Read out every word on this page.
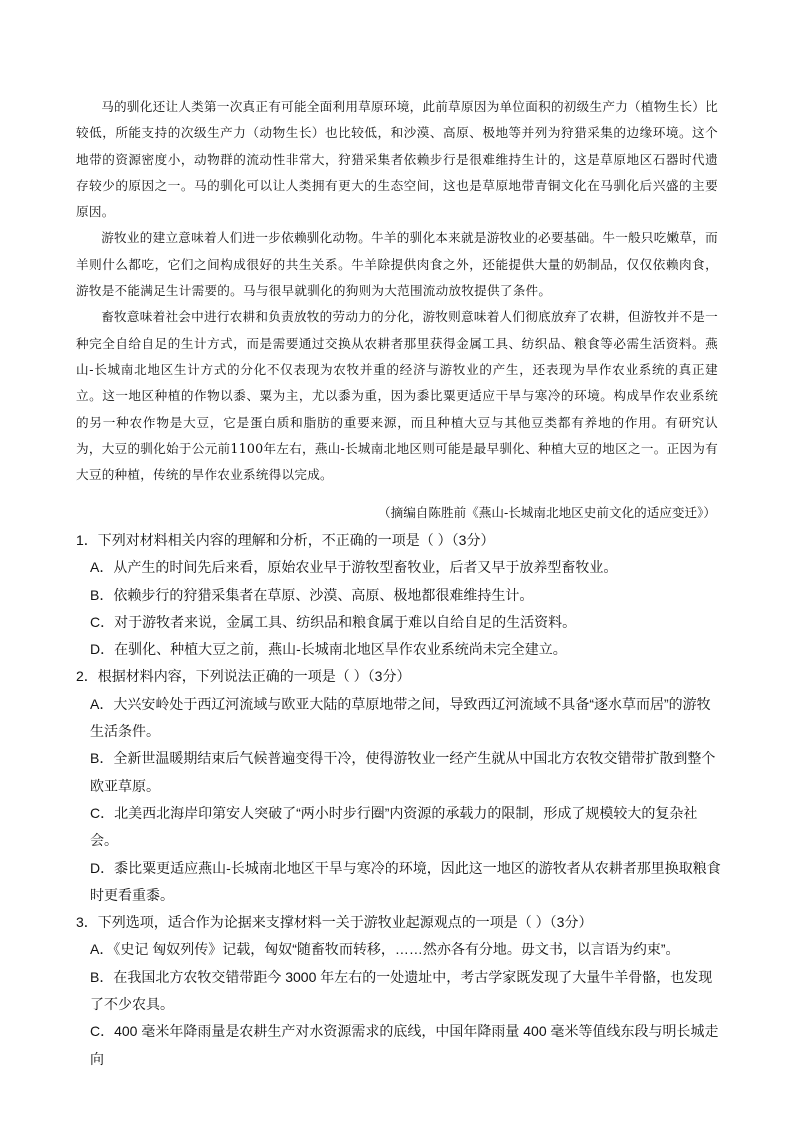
马的驯化还让人类第一次真正有可能全面利用草原环境，此前草原因为单位面积的初级生产力（植物生长）比较低，所能支持的次级生产力（动物生长）也比较低，和沙漠、高原、极地等并列为狩猎采集的边缘环境。这个地带的资源密度小，动物群的流动性非常大，狩猎采集者依赖步行是很难维持生计的，这是草原地区石器时代遗存较少的原因之一。马的驯化可以让人类拥有更大的生态空间，这也是草原地带青铜文化在马驯化后兴盛的主要原因。

游牧业的建立意味着人们进一步依赖驯化动物。牛羊的驯化本来就是游牧业的必要基础。牛一般只吃嫩草，而羊则什么都吃，它们之间构成很好的共生关系。牛羊除提供肉食之外，还能提供大量的奶制品，仅仅依赖肉食，游牧是不能满足生计需要的。马与很早就驯化的狗则为大范围流动放牧提供了条件。

畜牧意味着社会中进行农耕和负责放牧的劳动力的分化，游牧则意味着人们彻底放弃了农耕，但游牧并不是一种完全自给自足的生计方式，而是需要通过交换从农耕者那里获得金属工具、纺织品、粮食等必需生活资料。燕山-长城南北地区生计方式的分化不仅表现为农牧并重的经济与游牧业的产生，还表现为旱作农业系统的真正建立。这一地区种植的作物以黍、粟为主，尤以黍为重，因为黍比粟更适应干旱与寒冷的环境。构成旱作农业系统的另一种农作物是大豆，它是蛋白质和脂肪的重要来源，而且种植大豆与其他豆类都有养地的作用。有研究认为，大豆的驯化始于公元前1100年左右，燕山-长城南北地区则可能是最早驯化、种植大豆的地区之一。正因为有大豆的种植，传统的旱作农业系统得以完成。

（摘编自陈胜前《燕山-长城南北地区史前文化的适应变迁》）

1．下列对材料相关内容的理解和分析，不正确的一项是（ ）（3分）

A．从产生的时间先后来看，原始农业早于游牧型畜牧业，后者又早于放养型畜牧业。

B．依赖步行的狩猎采集者在草原、沙漠、高原、极地都很难维持生计。

C．对于游牧者来说，金属工具、纺织品和粮食属于难以自给自足的生活资料。

D．在驯化、种植大豆之前，燕山-长城南北地区旱作农业系统尚未完全建立。

2．根据材料内容，下列说法正确的一项是（ ）（3分）

A．大兴安岭处于西辽河流域与欧亚大陆的草原地带之间，导致西辽河流域不具备“逐水草而居”的游牧生活条件。

B．全新世温暖期结束后气候普遍变得干冷，使得游牧业一经产生就从中国北方农牧交错带扩散到整个欧亚草原。

C．北美西北海岸印第安人突破了“两小时步行圈”内资源的承载力的限制，形成了规模较大的复杂社会。

D．黍比粟更适应燕山-长城南北地区干旱与寒冷的环境，因此这一地区的游牧者从农耕者那里换取粮食时更看重黍。

3．下列选项，适合作为论据来支撑材料一关于游牧业起源观点的一项是（ ）（3分）

A．《史记 匈奴列传》记载，匈奴“随畜牧而转移，……然亦各有分地。毋文书，以言语为约束”。

B．在我国北方农牧交错带距今 3000 年左右的一处遗址中，考古学家既发现了大量牛羊骨骼，也发现了不少农具。

C．400 毫米年降雨量是农耕生产对水资源需求的底线，中国年降雨量 400 毫米等值线东段与明长城走向
